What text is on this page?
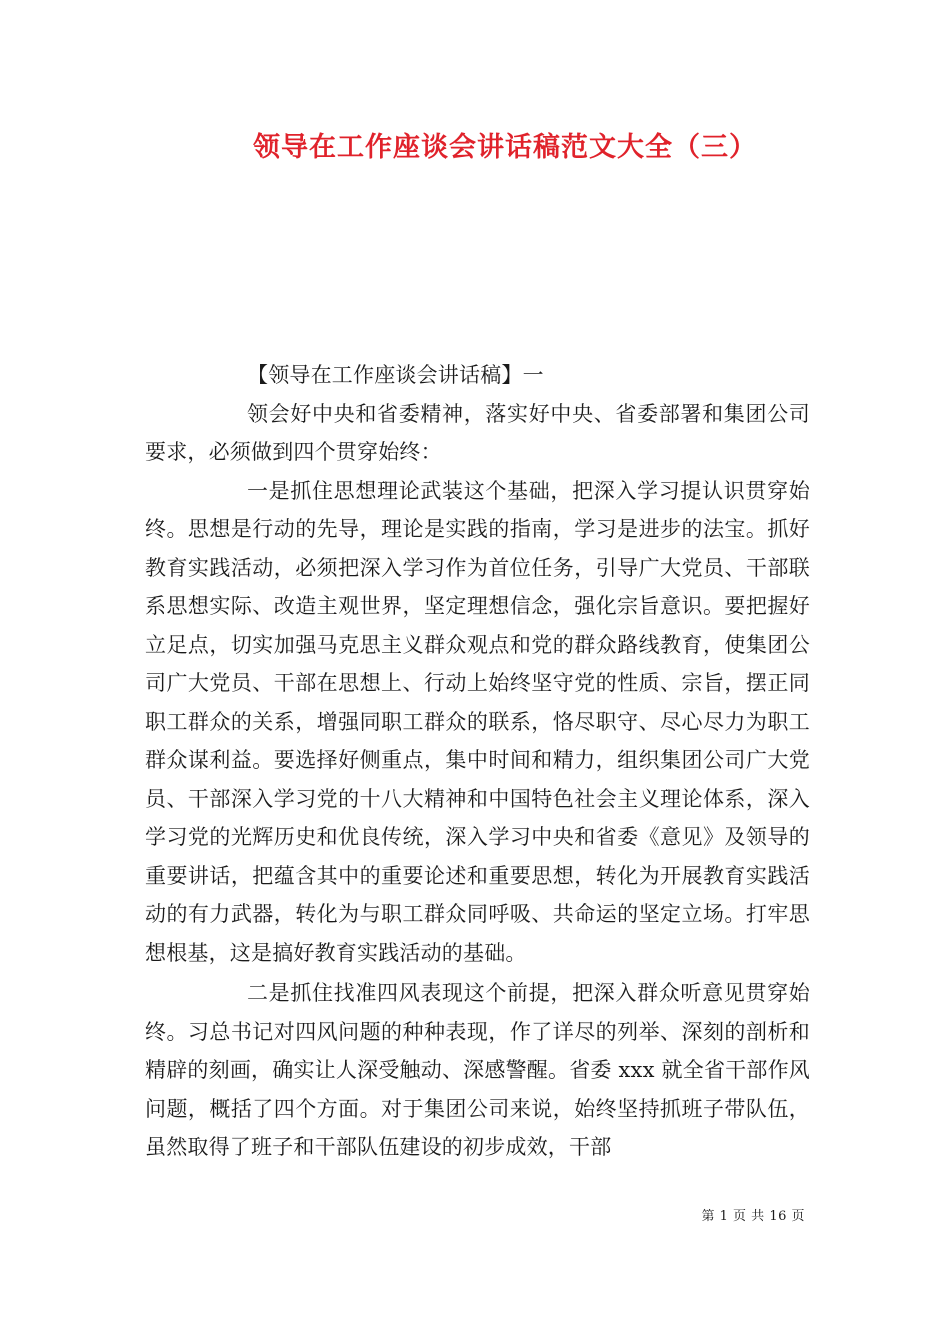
领导在工作座谈会讲话稿范文大全（三）

【领导在工作座谈会讲话稿】一

领会好中央和省委精神，落实好中央、省委部署和集团公司要求，必须做到四个贯穿始终：

一是抓住思想理论武装这个基础，把深入学习提认识贯穿始终。思想是行动的先导，理论是实践的指南，学习是进步的法宝。抓好教育实践活动，必须把深入学习作为首位任务，引导广大党员、干部联系思想实际、改造主观世界，坚定理想信念，强化宗旨意识。要把握好立足点，切实加强马克思主义群众观点和党的群众路线教育，使集团公司广大党员、干部在思想上、行动上始终坚守党的性质、宗旨，摆正同职工群众的关系，增强同职工群众的联系，恪尽职守、尽心尽力为职工群众谋利益。要选择好侧重点，集中时间和精力，组织集团公司广大党员、干部深入学习党的十八大精神和中国特色社会主义理论体系，深入学习党的光辉历史和优良传统，深入学习中央和省委《意见》及领导的重要讲话，把蕴含其中的重要论述和重要思想，转化为开展教育实践活动的有力武器，转化为与职工群众同呼吸、共命运的坚定立场。打牢思想根基，这是搞好教育实践活动的基础。

二是抓住找准四风表现这个前提，把深入群众听意见贯穿始终。习总书记对四风问题的种种表现，作了详尽的列举、深刻的剖析和精辟的刻画，确实让人深受触动、深感警醒。省委 xxx 就全省干部作风问题，概括了四个方面。对于集团公司来说，始终坚持抓班子带队伍，虽然取得了班子和干部队伍建设的初步成效，干部

第 1 页 共 16 页
